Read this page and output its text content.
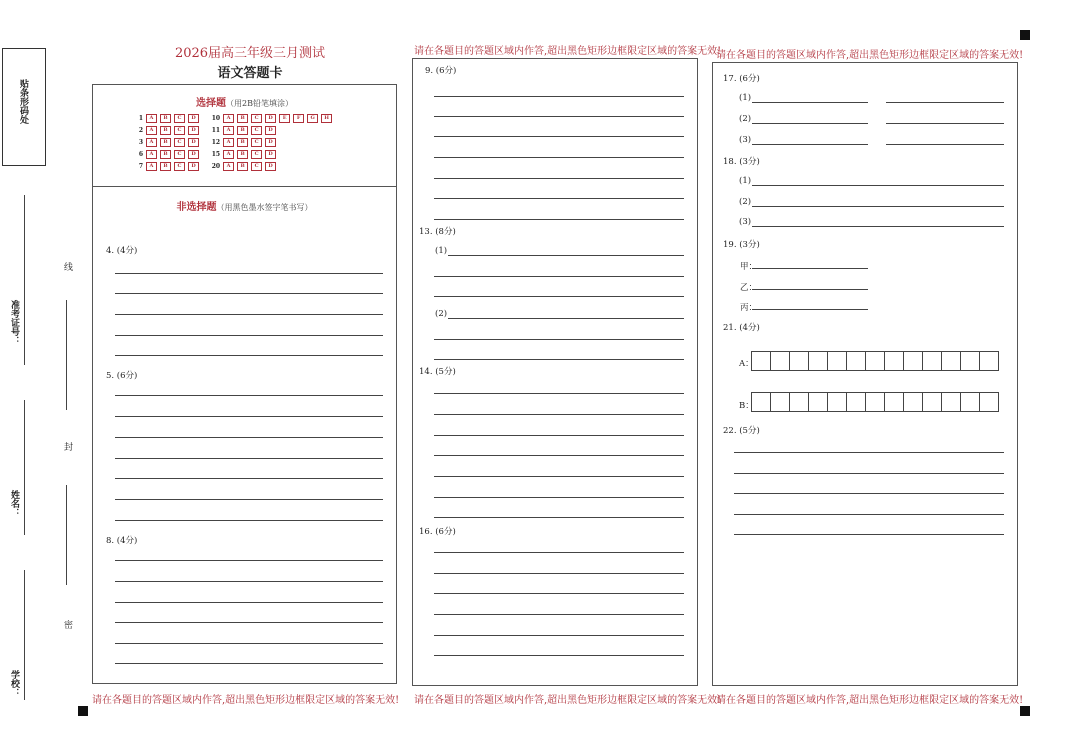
贴条形码处
准考证号：
姓名：
学校：
线
封
密
2026届高三年级三月测试
语文答题卡
请在各题目的答题区域内作答,超出黑色矩形边框限定区域的答案无效!
请在各题目的答题区域内作答,超出黑色矩形边框限定区域的答案无效!
选择题（用2B铅笔填涂）
1 A B C D	10 A B C D E F G H
2 A B C D	11 A B C D
3 A B C D	12 A B C D
6 A B C D	15 A B C D
7 A B C D	20 A B C D
非选择题（用黑色墨水签字笔书写）
4. (4分)
5. (6分)
8. (4分)
9. (6分)
13. (8分)
(1)
(2)
14. (5分)
16. (6分)
17. (6分)
(1)
(2)
(3)
18. (3分)
(1)
(2)
(3)
19. (3分)
甲：
乙：
丙：
21. (4分)
A：
B：
22. (5分)
请在各题目的答题区域内作答,超出黑色矩形边框限定区域的答案无效! 请在各题目的答题区域内作答,超出黑色矩形边框限定区域的答案无效!
请在各题目的答题区域内作答,超出黑色矩形边框限定区域的答案无效!
